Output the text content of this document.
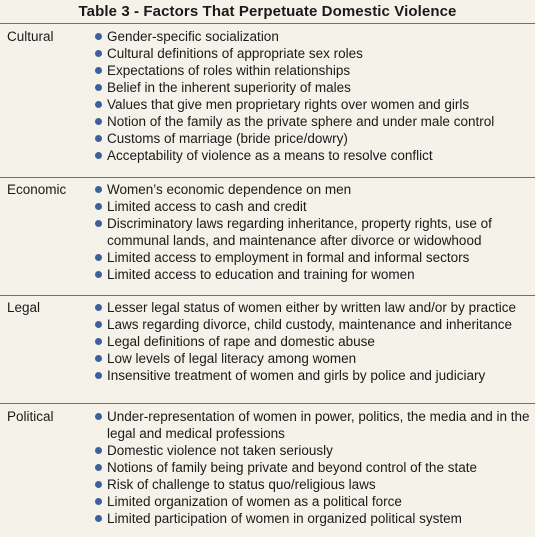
Table 3 - Factors That Perpetuate Domestic Violence
Cultural	Gender-specific socialization
Cultural definitions of appropriate sex roles
Expectations of roles within relationships
Belief in the inherent superiority of males
Values that give men proprietary rights over women and girls
Notion of the family as the private sphere and under male control
Customs of marriage (bride price/dowry)
Acceptability of violence as a means to resolve conflict
Economic	Women’s economic dependence on men
Limited access to cash and credit
Discriminatory laws regarding inheritance, property rights, use of communal lands, and maintenance after divorce or widowhood
Limited access to employment in formal and informal sectors
Limited access to education and training for women
Legal	Lesser legal status of women either by written law and/or by practice
Laws regarding divorce, child custody, maintenance and inheritance
Legal definitions of rape and domestic abuse
Low levels of legal literacy among women
Insensitive treatment of women and girls by police and judiciary
Political	Under-representation of women in power, politics, the media and in the legal and medical professions
Domestic violence not taken seriously
Notions of family being private and beyond control of the state
Risk of challenge to status quo/religious laws
Limited organization of women as a political force
Limited participation of women in organized political system
